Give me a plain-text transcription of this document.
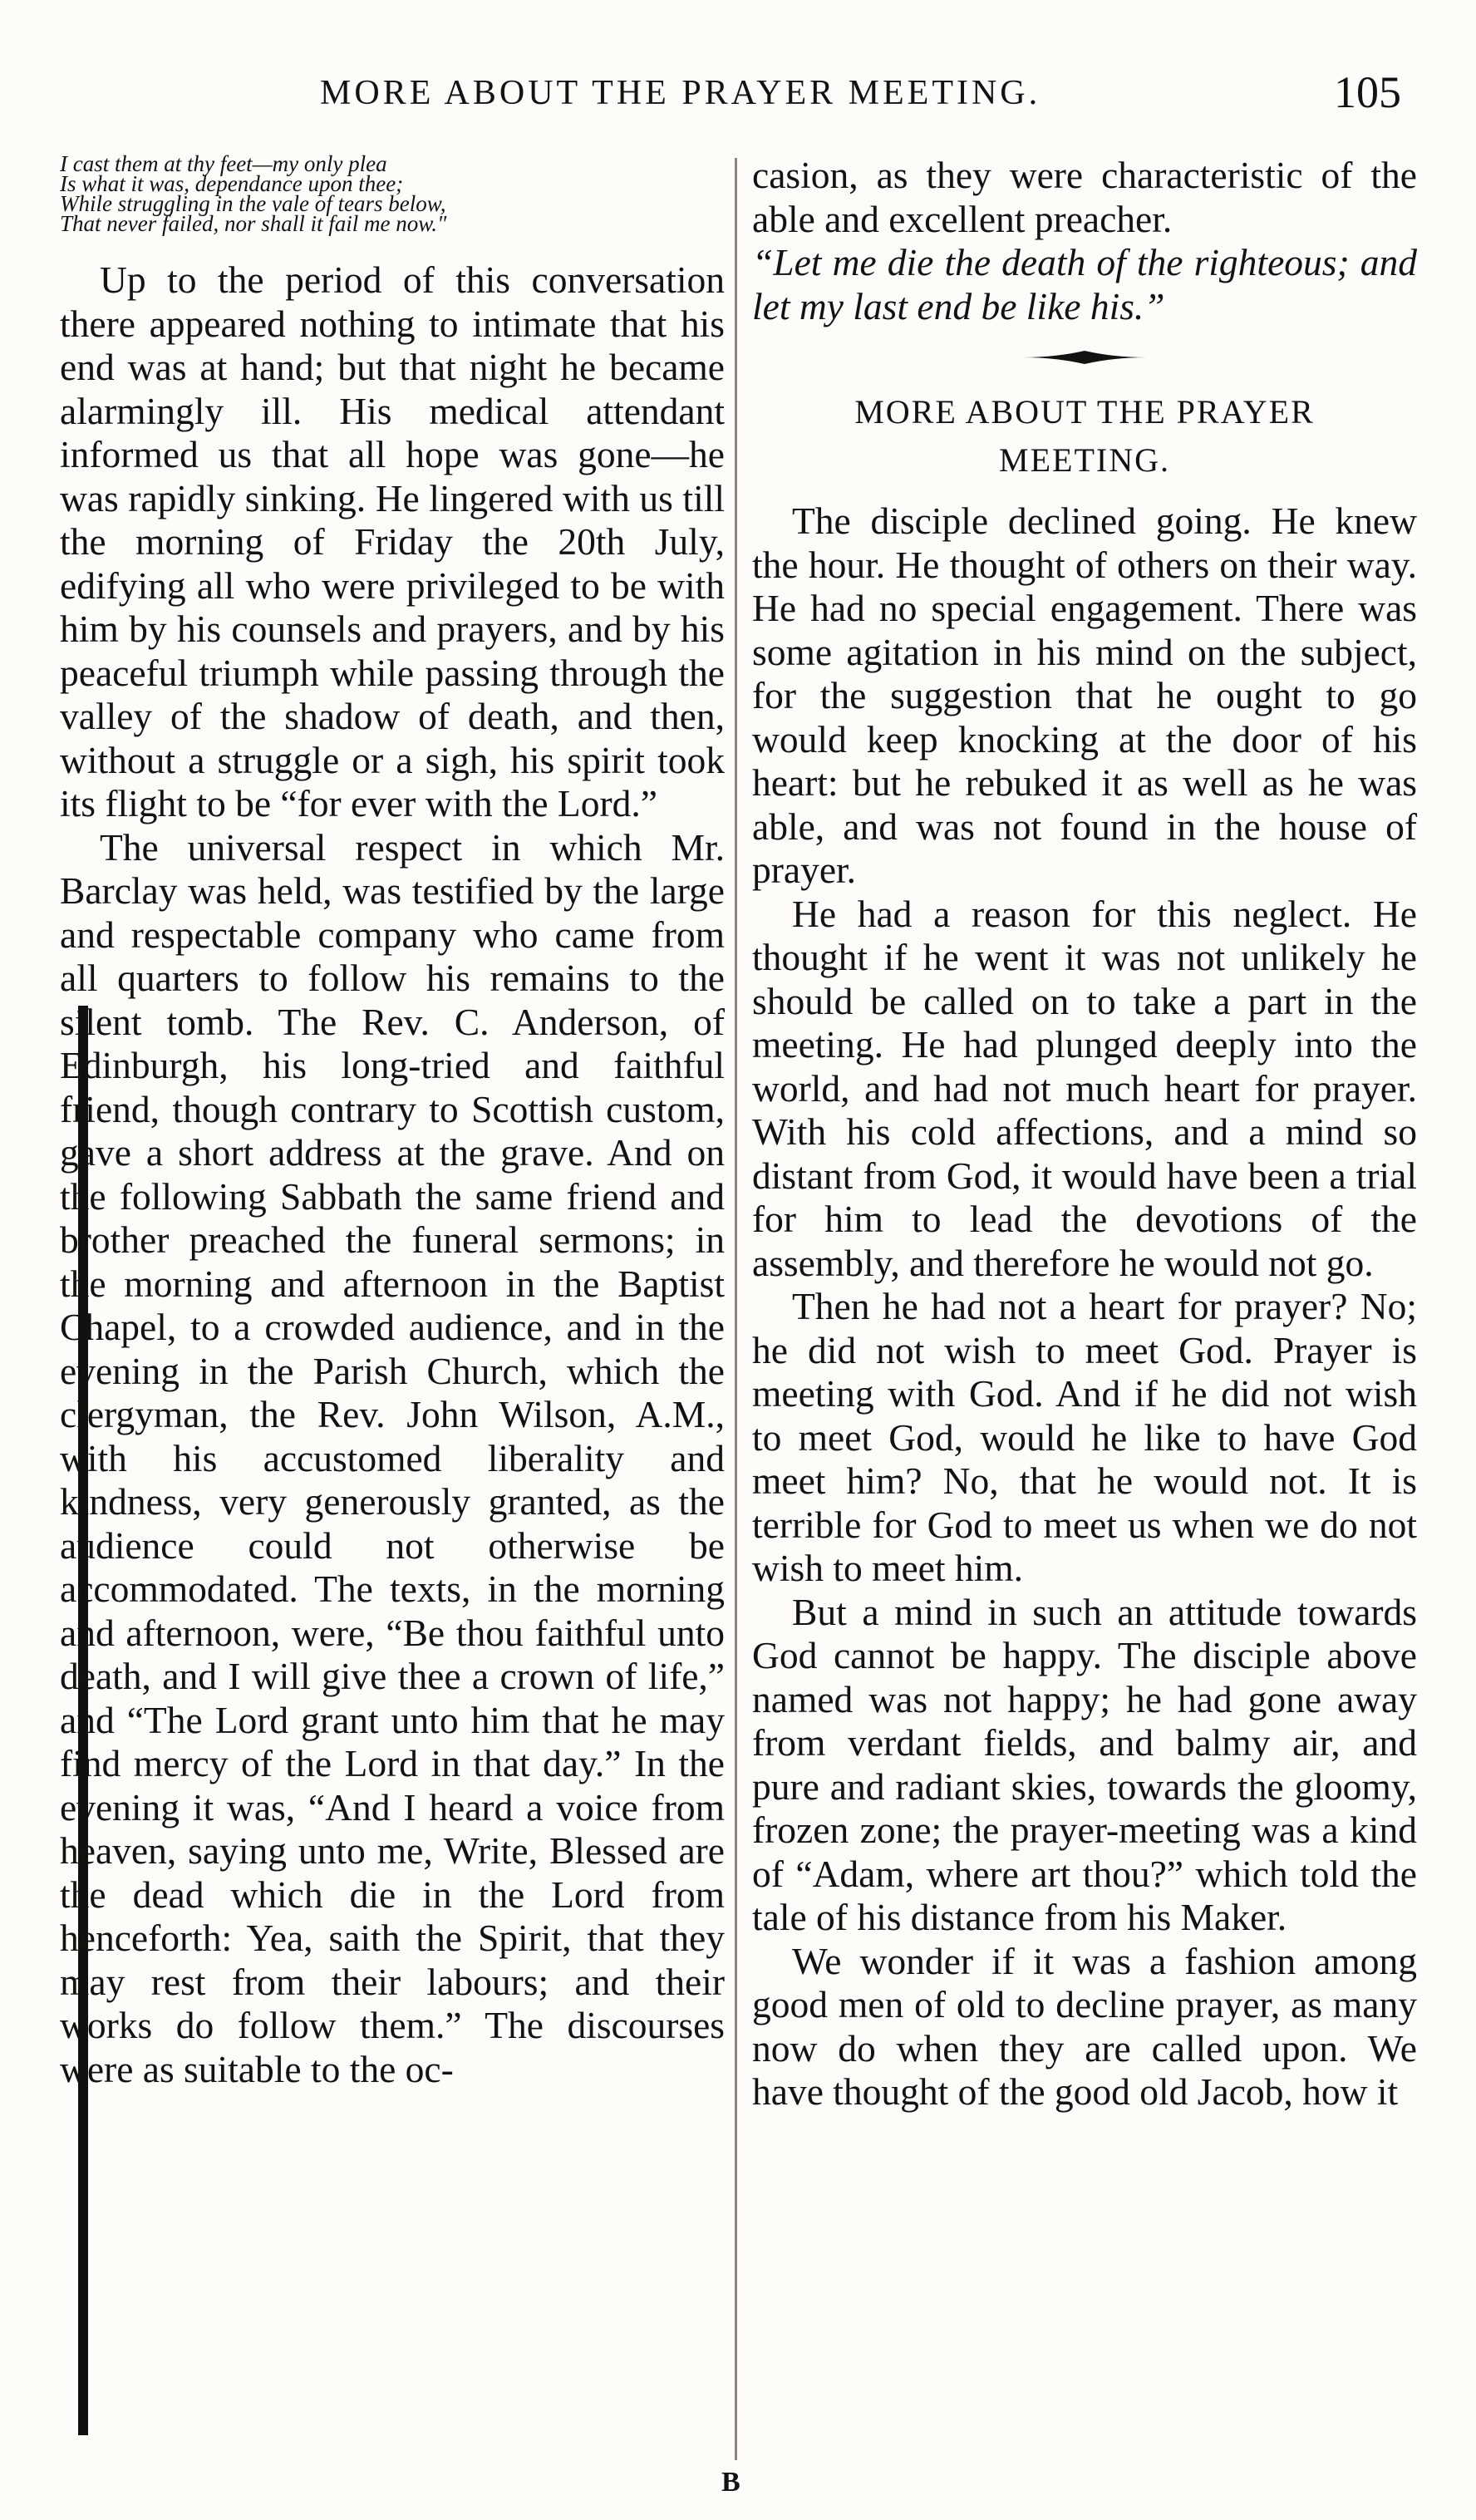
MORE ABOUT THE PRAYER MEETING.	105
I cast them at thy feet—my only plea
Is what it was, dependance upon thee;
While struggling in the vale of tears below,
That never failed, nor shall it fail me now."

Up to the period of this conversation there appeared nothing to intimate that his end was at hand; but that night he became alarmingly ill. His medical attendant informed us that all hope was gone—he was rapidly sinking. He lingered with us till the morning of Friday the 20th July, edifying all who were privileged to be with him by his counsels and prayers, and by his peaceful triumph while passing through the valley of the shadow of death, and then, without a struggle or a sigh, his spirit took its flight to be “for ever with the Lord.”

The universal respect in which Mr. Barclay was held, was testified by the large and respectable company who came from all quarters to follow his remains to the silent tomb. The Rev. C. Anderson, of Edinburgh, his long-tried and faithful friend, though contrary to Scottish custom, gave a short address at the grave. And on the following Sabbath the same friend and brother preached the funeral sermons; in the morning and afternoon in the Baptist Chapel, to a crowded audience, and in the evening in the Parish Church, which the clergyman, the Rev. John Wilson, A.M., with his accustomed liberality and kindness, very generously granted, as the audience could not otherwise be accommodated. The texts, in the morning and afternoon, were, “Be thou faithful unto death, and I will give thee a crown of life,” and “The Lord grant unto him that he may find mercy of the Lord in that day.” In the evening it was, “And I heard a voice from heaven, saying unto me, Write, Blessed are the dead which die in the Lord from henceforth: Yea, saith the Spirit, that they may rest from their labours; and their works do follow them.” The discourses were as suitable to the oc-

casion, as they were characteristic of the able and excellent preacher.
“Let me die the death of the righteous; and let my last end be like his.”
MORE ABOUT THE PRAYER
MEETING.

The disciple declined going. He knew the hour. He thought of others on their way. He had no special engagement. There was some agitation in his mind on the subject, for the suggestion that he ought to go would keep knocking at the door of his heart: but he rebuked it as well as he was able, and was not found in the house of prayer.

He had a reason for this neglect. He thought if he went it was not unlikely he should be called on to take a part in the meeting. He had plunged deeply into the world, and had not much heart for prayer. With his cold affections, and a mind so distant from God, it would have been a trial for him to lead the devotions of the assembly, and therefore he would not go.

Then he had not a heart for prayer? No; he did not wish to meet God. Prayer is meeting with God. And if he did not wish to meet God, would he like to have God meet him? No, that he would not. It is terrible for God to meet us when we do not wish to meet him.

But a mind in such an attitude towards God cannot be happy. The disciple above named was not happy; he had gone away from verdant fields, and balmy air, and pure and radiant skies, towards the gloomy, frozen zone; the prayer-meeting was a kind of “Adam, where art thou?” which told the tale of his distance from his Maker.

We wonder if it was a fashion among good men of old to decline prayer, as many now do when they are called upon. We have thought of the good old Jacob, how it

B
